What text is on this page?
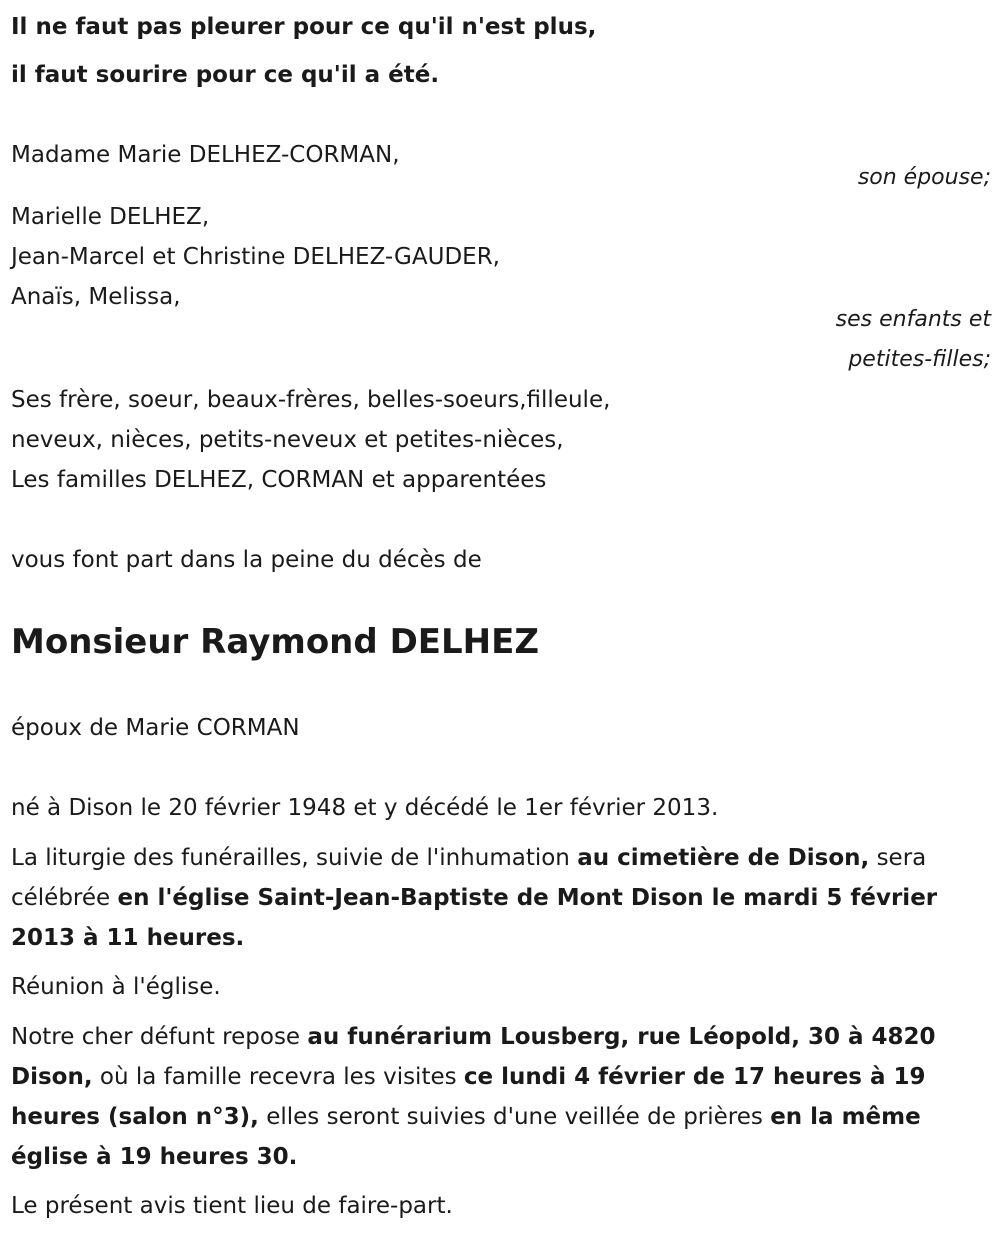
Il ne faut pas pleurer pour ce qu'il n'est plus,
il faut sourire pour ce qu'il a été.
Madame Marie DELHEZ-CORMAN,
son épouse;
Marielle DELHEZ,
Jean-Marcel et Christine DELHEZ-GAUDER,
Anaïs, Melissa,
ses enfants et
petites-filles;
Ses frère, soeur, beaux-frères, belles-soeurs,filleule,
neveux, nièces, petits-neveux et petites-nièces,
Les familles DELHEZ, CORMAN et apparentées
vous font part dans la peine du décès de
Monsieur Raymond DELHEZ
époux de Marie CORMAN
né à Dison le 20 février 1948 et y décédé le 1er février 2013.
La liturgie des funérailles, suivie de l'inhumation au cimetière de Dison, sera célébrée en l'église Saint-Jean-Baptiste de Mont Dison le mardi 5 février 2013 à 11 heures.
Réunion à l'église.
Notre cher défunt repose au funérarium Lousberg, rue Léopold, 30 à 4820 Dison, où la famille recevra les visites ce lundi 4 février de 17 heures à 19 heures (salon n°3), elles seront suivies d'une veillée de prières en la même église à 19 heures 30.
Le présent avis tient lieu de faire-part.
